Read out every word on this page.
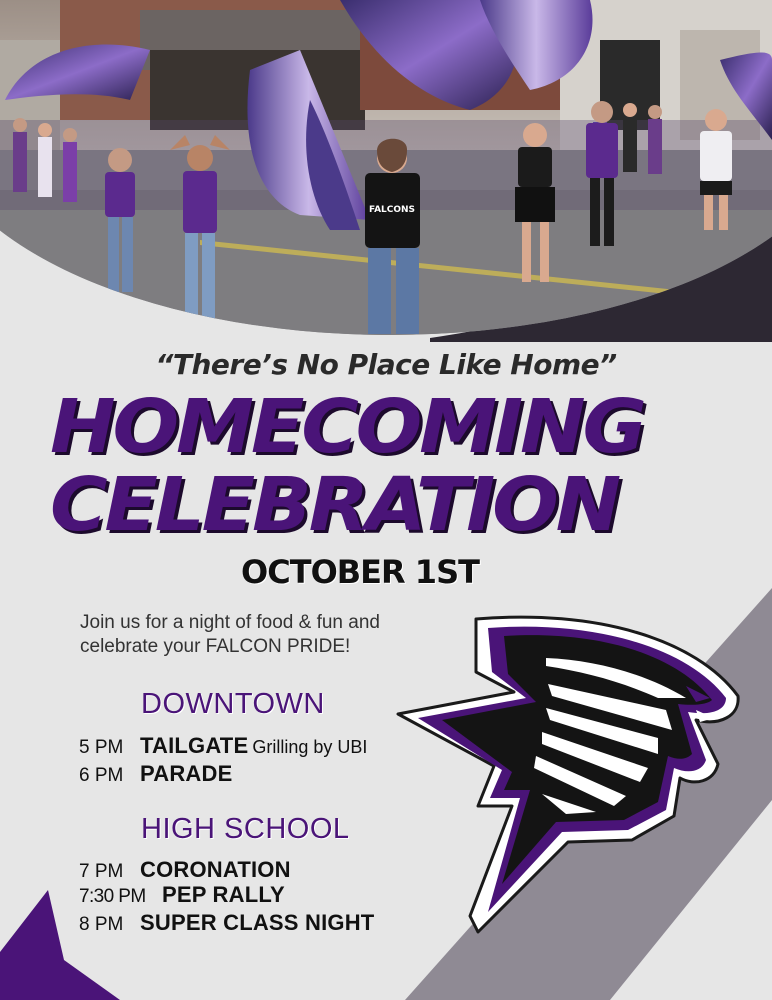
FALCONS
“There’s No Place Like Home”
HOMECOMING
CELEBRATION
OCTOBER 1ST
Join us for a night of food & fun and
celebrate your FALCON PRIDE!
DOWNTOWN
5 PM TAILGATE Grilling by UBI
6 PM PARADE
HIGH SCHOOL
7 PM CORONATION
7:30 PM PEP RALLY
8 PM SUPER CLASS NIGHT
